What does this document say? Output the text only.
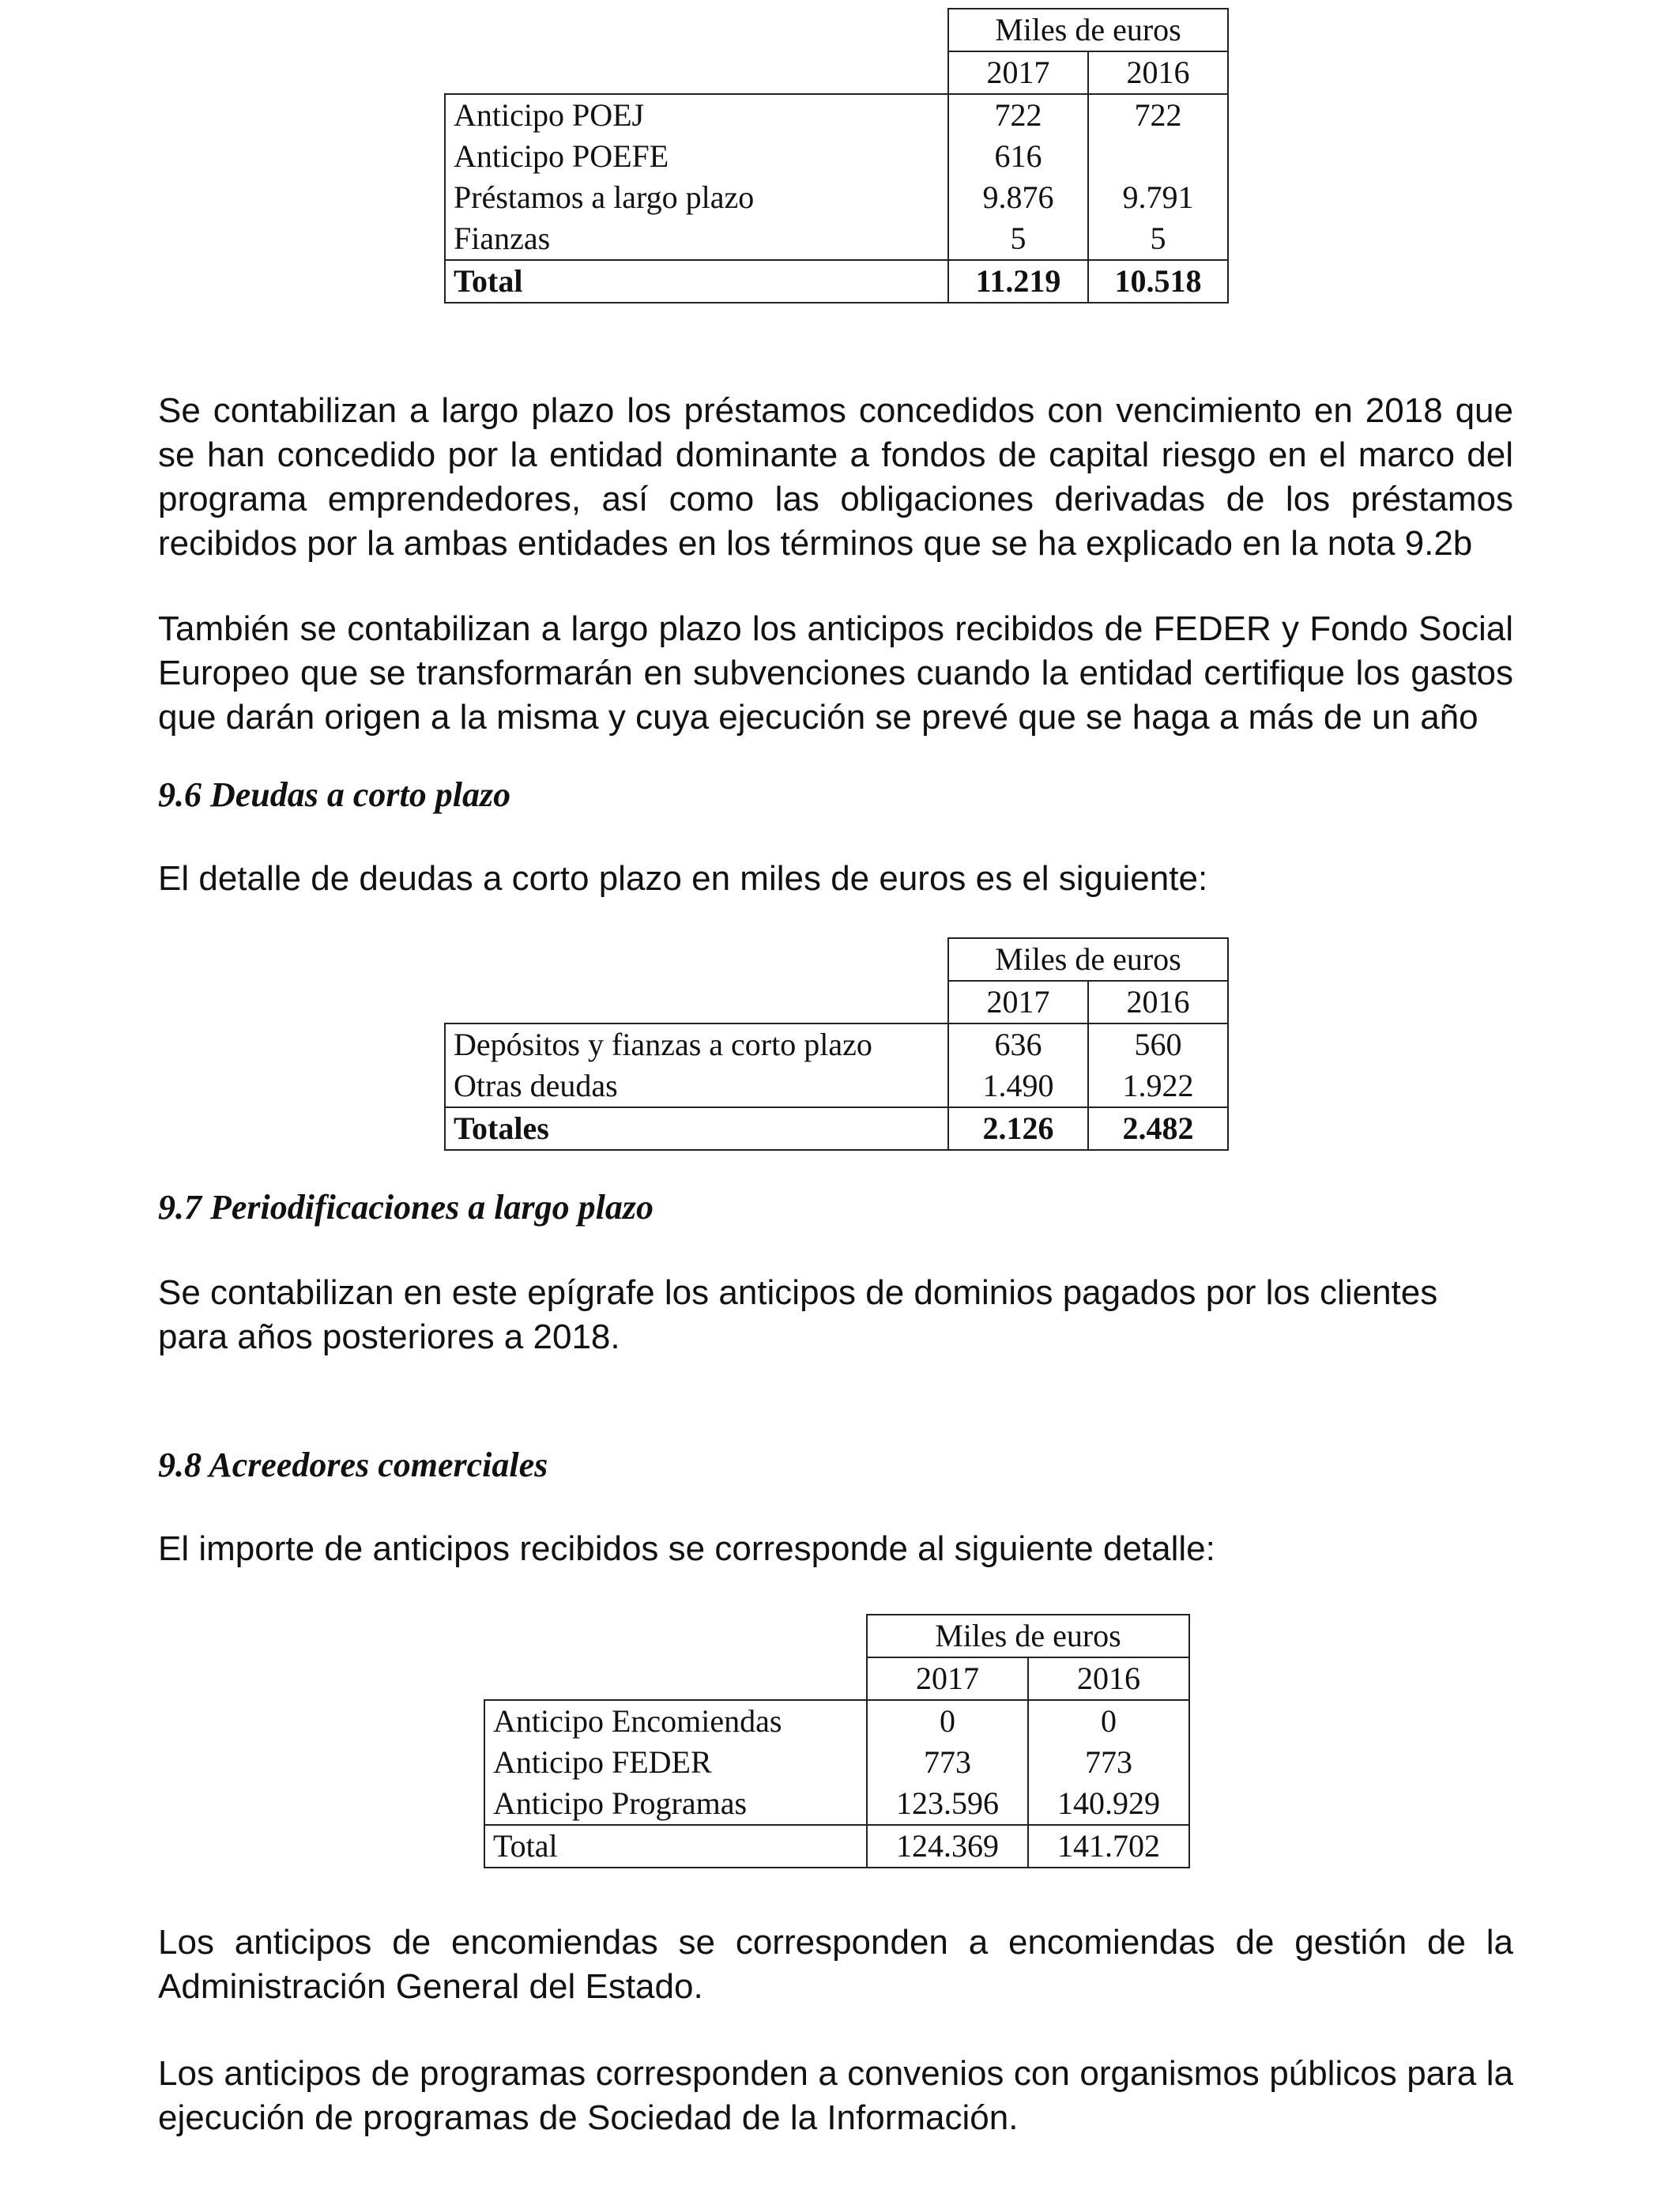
	Miles de euros	
	2017	2016
Anticipo POEJ	722	722
Anticipo POEFE	616	
Préstamos a largo plazo	9.876	9.791
Fianzas	5	5
Total	11.219	10.518

Se contabilizan a largo plazo los préstamos concedidos con vencimiento en 2018 que se han concedido por la entidad dominante a fondos de capital riesgo en el marco del programa emprendedores, así como las obligaciones derivadas de los préstamos recibidos por la ambas entidades en los términos que se ha explicado en la nota 9.2b

También se contabilizan a largo plazo los anticipos recibidos de FEDER y Fondo Social Europeo que se transformarán en subvenciones cuando la entidad certifique los gastos que darán origen a la misma y cuya ejecución se prevé que se haga a más de un año

9.6 Deudas a corto plazo

El detalle de deudas a corto plazo en miles de euros es el siguiente:

	Miles de euros	
	2017	2016
Depósitos y fianzas a corto plazo	636	560
Otras deudas	1.490	1.922
Totales	2.126	2.482
9.7 Periodificaciones a largo plazo

Se contabilizan en este epígrafe los anticipos de dominios pagados por los clientes para años posteriores a 2018.

9.8 Acreedores comerciales

El importe de anticipos recibidos se corresponde al siguiente detalle:

	Miles de euros	
	2017	2016
Anticipo Encomiendas	0	0
Anticipo FEDER	773	773
Anticipo Programas	123.596	140.929
Total	124.369	141.702

Los anticipos de encomiendas se corresponden a encomiendas de gestión de la Administración General del Estado.

Los anticipos de programas corresponden a convenios con organismos públicos para la ejecución de programas de Sociedad de la Información.
